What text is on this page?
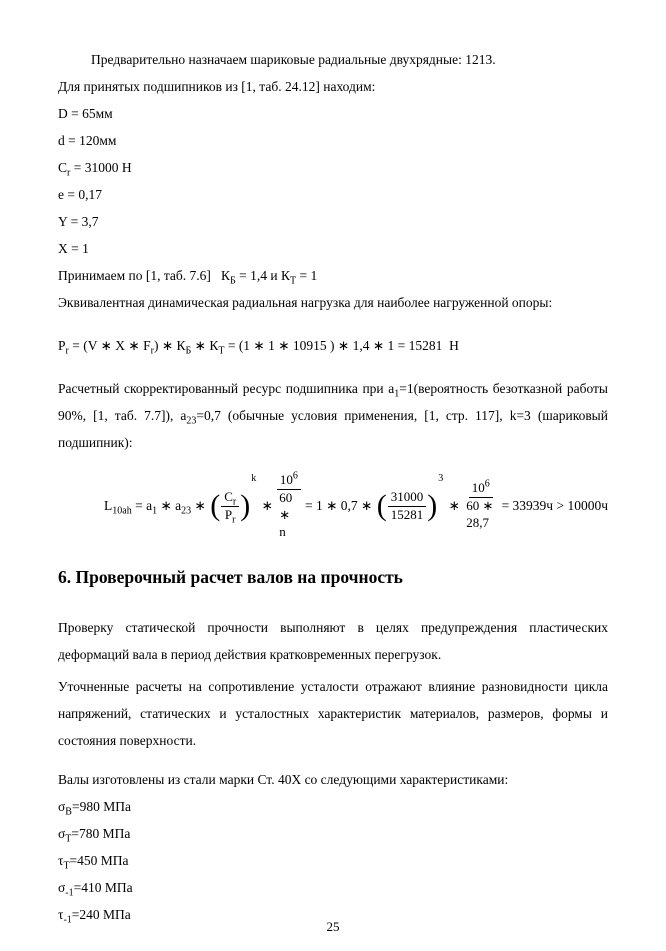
Предварительно назначаем шариковые радиальные двухрядные: 1213.

Для принятых подшипников из [1, таб. 24.12] находим:

D = 65мм
d = 120мм
$C_r = 31000$ Н
e = 0,17
Y = 3,7
X = 1
Принимаем по [1, таб. 7.6]   $К_Б = 1,4$ и $К_Т = 1$

Эквивалентная динамическая радиальная нагрузка для наиболее нагруженной опоры:

$P_r = (V$ ∗ X ∗ $F_r$) ∗ $К_Б$ ∗ $К_Т = (1$ ∗ 1 ∗ 10915 ) ∗ 1,4 ∗ 1 = 15281  Н

Расчетный скорректированный ресурс подшипника при $a_1=1(вероятность$ безотказной работы 90%, [1, таб. 7.7]), $a_{23}=0,7$ (обычные условия применения, [1, стр. 117], k=3 (шариковый подшипник):

$L_{10ah} = a_1$ ∗ $a_{23}$ ∗ ( $\frac{C_r}{P_r}$ )
k
∗ $\frac{10^6}{60 ∗ n} = 1$ ∗ 0,7 ∗ ( $\frac{31000}{15281}$ )
3
∗ $\frac{10^6}{60 ∗ 28,7} = 33939ч > 10000ч$
6. Проверочный расчет валов на прочность

Проверку статической прочности выполняют в целях предупреждения пластических деформаций вала в период действия кратковременных перегрузок.

Уточненные расчеты на сопротивление усталости отражают влияние разновидности цикла напряжений, статических и усталостных характеристик материалов, размеров, формы и состояния поверхности.

Валы изготовлены из стали марки Ст. 40Х со следующими характеристиками:

$\sigma_В=980$ МПа
$\sigma_Т=780$ МПа
$\tau_Т=450$ МПа
$\sigma_{-1}=410$ МПа
$\tau_{-1}=240$ МПа
25
